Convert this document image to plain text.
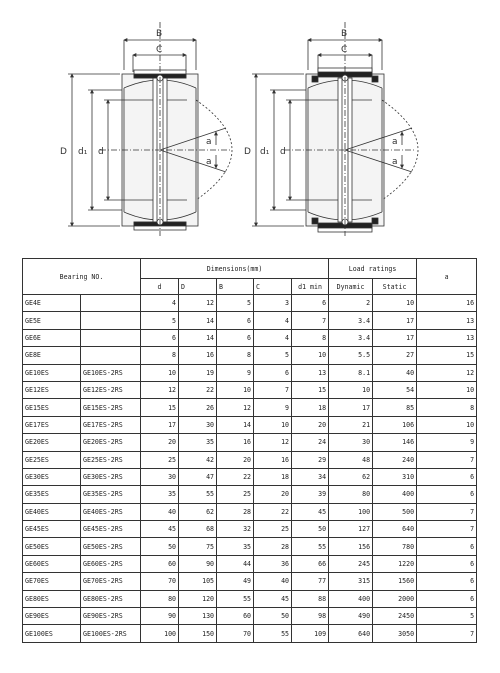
B
C
D d₁ d
a
a
B
C
D d₁ d
a
a
Bearing NO.		Dimensions(mm)					Load ratings		a
		d	D	B	C	d1 min	Dynamic	Static	
GE4E		4	12	5	3	6	2	10	16
GE5E		5	14	6	4	7	3.4	17	13
GE6E		6	14	6	4	8	3.4	17	13
GE8E		8	16	8	5	10	5.5	27	15
GE10ES	GE10ES-2RS	10	19	9	6	13	8.1	40	12
GE12ES	GE12ES-2RS	12	22	10	7	15	10	54	10
GE15ES	GE15ES-2RS	15	26	12	9	18	17	85	8
GE17ES	GE17ES-2RS	17	30	14	10	20	21	106	10
GE20ES	GE20ES-2RS	20	35	16	12	24	30	146	9
GE25ES	GE25ES-2RS	25	42	20	16	29	48	240	7
GE30ES	GE30ES-2RS	30	47	22	18	34	62	310	6
GE35ES	GE35ES-2RS	35	55	25	20	39	80	400	6
GE40ES	GE40ES-2RS	40	62	28	22	45	100	500	7
GE45ES	GE45ES-2RS	45	68	32	25	50	127	640	7
GE50ES	GE50ES-2RS	50	75	35	28	55	156	780	6
GE60ES	GE60ES-2RS	60	90	44	36	66	245	1220	6
GE70ES	GE70ES-2RS	70	105	49	40	77	315	1560	6
GE80ES	GE80ES-2RS	80	120	55	45	88	400	2000	6
GE90ES	GE90ES-2RS	90	130	60	50	98	490	2450	5
GE100ES	GE100ES-2RS	100	150	70	55	109	640	3050	7
